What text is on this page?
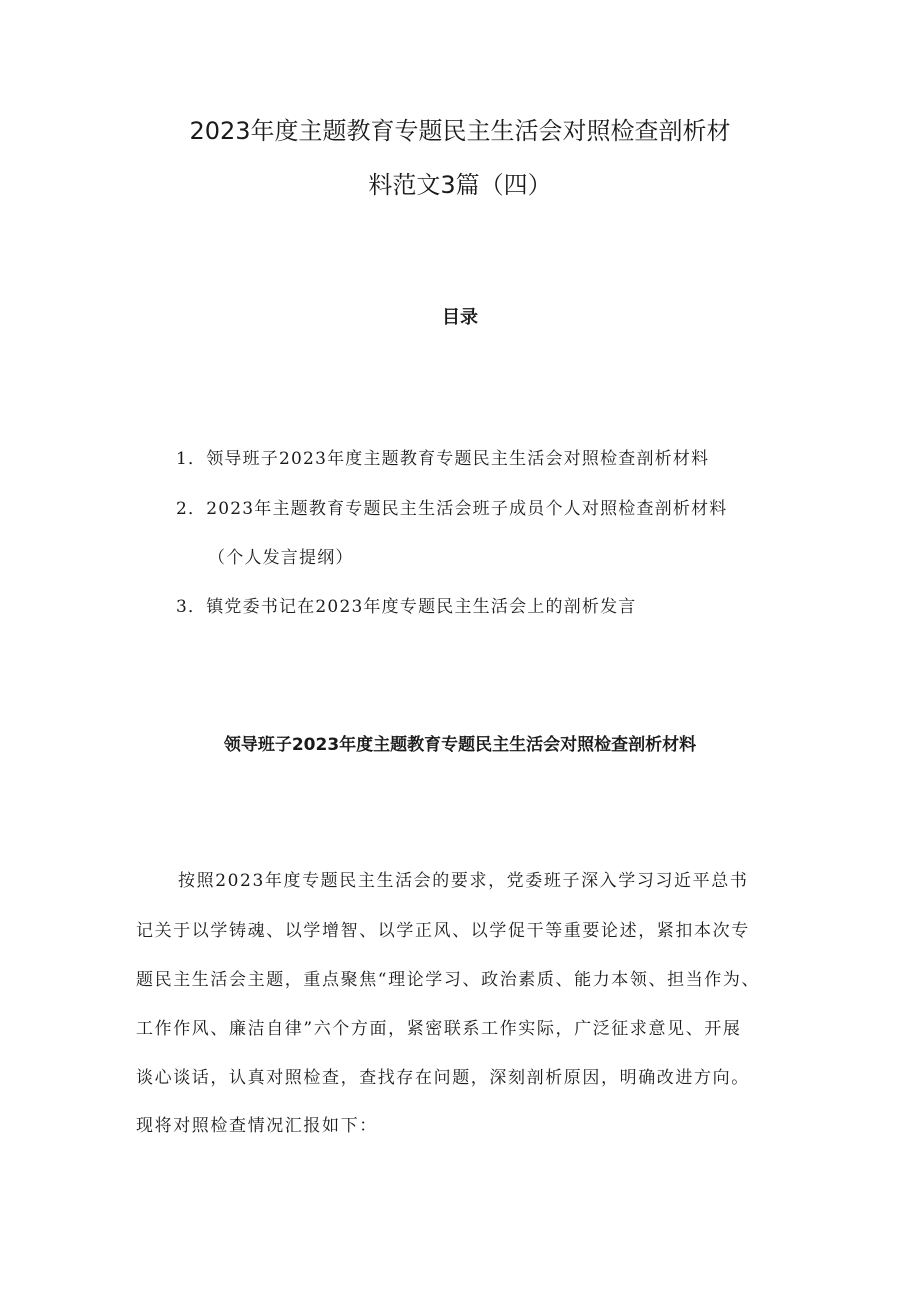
2023年度主题教育专题民主生活会对照检查剖析材
料范文3篇（四）
目录

1．领导班子2023年度主题教育专题民主生活会对照检查剖析材料

2．2023年主题教育专题民主生活会班子成员个人对照检查剖析材料

（个人发言提纲）

3．镇党委书记在2023年度专题民主生活会上的剖析发言

领导班子2023年度主题教育专题民主生活会对照检查剖析材料

按照2023年度专题民主生活会的要求，党委班子深入学习习近平总书

记关于以学铸魂、以学增智、以学正风、以学促干等重要论述，紧扣本次专

题民主生活会主题，重点聚焦“理论学习、政治素质、能力本领、担当作为、

工作作风、廉洁自律”六个方面，紧密联系工作实际，广泛征求意见、开展

谈心谈话，认真对照检查，查找存在问题，深刻剖析原因，明确改进方向。

现将对照检查情况汇报如下：
